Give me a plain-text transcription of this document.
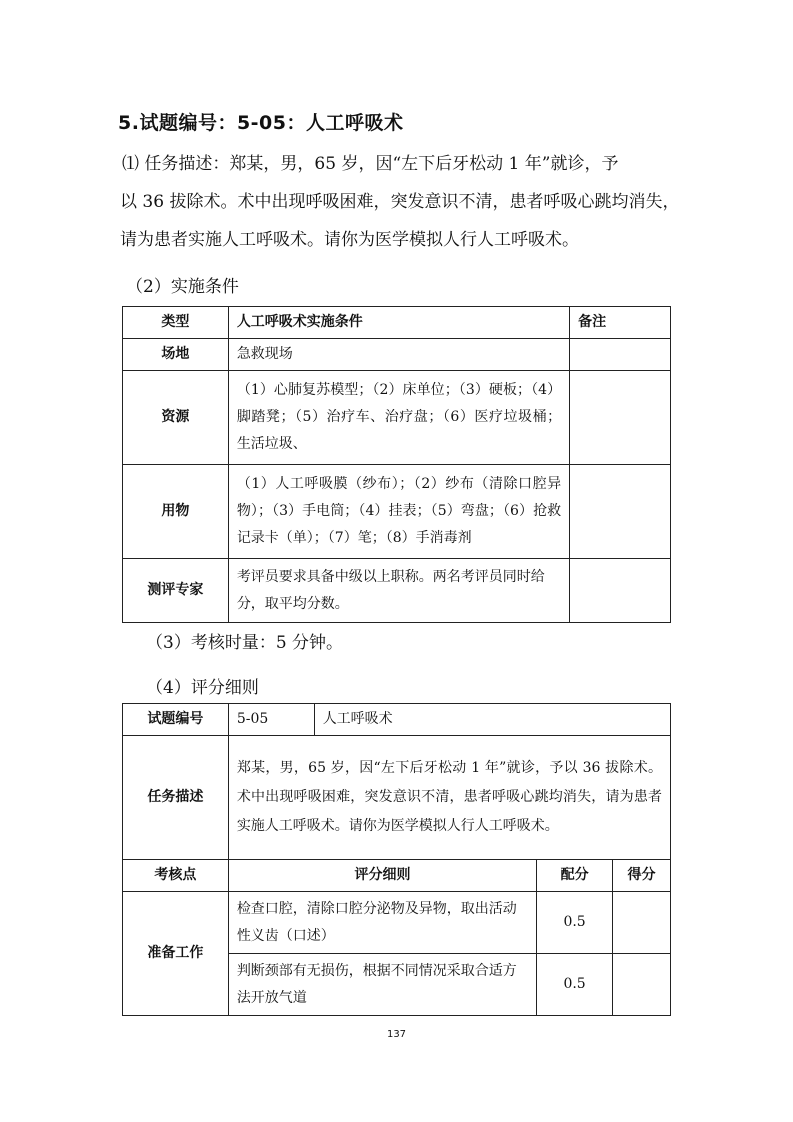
5.试题编号：5-05：人工呼吸术
⑴ 任务描述：郑某，男，65 岁，因“左下后牙松动 1 年”就诊，予
以 36 拔除术。术中出现呼吸困难，突发意识不清，患者呼吸心跳均消失，
请为患者实施人工呼吸术。请你为医学模拟人行人工呼吸术。
（2）实施条件
类型	人工呼吸术实施条件	备注
场地	急救现场	
资源	（1）心肺复苏模型；（2）床单位；（3）硬板；（4）脚踏凳；（5）治疗车、治疗盘；（6）医疗垃圾桶；生活垃圾、	
用物	（1）人工呼吸膜（纱布）；（2）纱布（清除口腔异物）；（3）手电筒；（4）挂表；（5）弯盘；（6）抢救记录卡（单）；（7）笔；（8）手消毒剂	
测评专家	考评员要求具备中级以上职称。两名考评员同时给分，取平均分数。	
（3）考核时量：5 分钟。
（4）评分细则
试题编号	5-05	人工呼吸术		
任务描述	郑某，男，65 岁，因“左下后牙松动 1 年”就诊，予以 36 拔除术。术中出现呼吸困难，突发意识不清，患者呼吸心跳均消失，请为患者实施人工呼吸术。请你为医学模拟人行人工呼吸术。			
考核点	评分细则		配分	得分
准备工作	检查口腔，清除口腔分泌物及异物，取出活动性义齿（口述）		0.5	
	判断颈部有无损伤，根据不同情况采取合适方法开放气道		0.5	
137
